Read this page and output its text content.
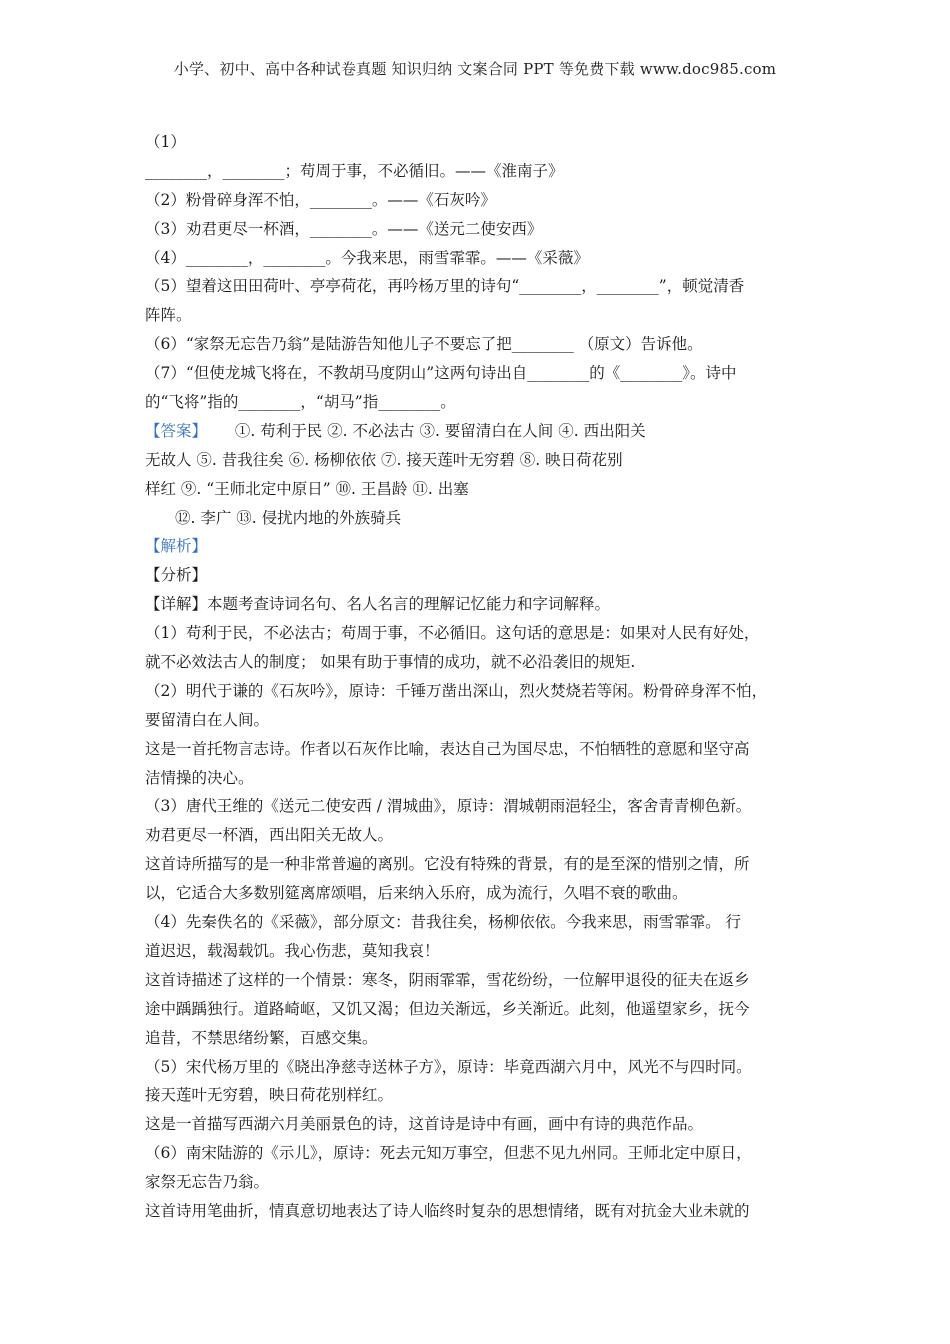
小学、初中、高中各种试卷真题 知识归纳 文案合同 PPT 等免费下载 www.doc985.com
（1）
________，________；苟周于事，不必循旧。——《淮南子》
（2）粉骨碎身浑不怕，________。——《石灰吟》
（3）劝君更尽一杯酒，________。——《送元二使安西》
（4）________，________。今我来思，雨雪霏霏。——《采薇》
（5）望着这田田荷叶、亭亭荷花，再吟杨万里的诗句“________，________”，顿觉清香
阵阵。
（6）“家祭无忘告乃翁”是陆游告知他儿子不要忘了把________ （原文）告诉他。
（7）“但使龙城飞将在，不教胡马度阴山”这两句诗出自________的《________》。诗中
的“飞将”指的________，“胡马”指________。
【答案】 ①. 苟利于民 ②. 不必法古 ③. 要留清白在人间 ④. 西出阳关
无故人 ⑤. 昔我往矣 ⑥. 杨柳依依 ⑦. 接天莲叶无穷碧 ⑧. 映日荷花别
样红 ⑨. “王师北定中原日” ⑩. 王昌龄 ⑪. 出塞
⑫. 李广 ⑬. 侵扰内地的外族骑兵
【解析】
【分析】
【详解】本题考查诗词名句、名人名言的理解记忆能力和字词解释。
（1）苟利于民，不必法古；苟周于事，不必循旧。这句话的意思是：如果对人民有好处，
就不必效法古人的制度； 如果有助于事情的成功，就不必沿袭旧的规矩.
（2）明代于谦的《石灰吟》，原诗：千锤万凿出深山，烈火焚烧若等闲。粉骨碎身浑不怕，
要留清白在人间。
这是一首托物言志诗。作者以石灰作比喻，表达自己为国尽忠，不怕牺牲的意愿和坚守高
洁情操的决心。
（3）唐代王维的《送元二使安西 / 渭城曲》，原诗：渭城朝雨浥轻尘，客舍青青柳色新。
劝君更尽一杯酒，西出阳关无故人。
这首诗所描写的是一种非常普遍的离别。它没有特殊的背景，有的是至深的惜别之情，所
以，它适合大多数别筵离席颂唱，后来纳入乐府，成为流行，久唱不衰的歌曲。
（4）先秦佚名的《采薇》，部分原文：昔我往矣，杨柳依依。今我来思，雨雪霏霏。 行
道迟迟，载渴载饥。我心伤悲，莫知我哀！
这首诗描述了这样的一个情景：寒冬，阴雨霏霏，雪花纷纷，一位解甲退役的征夫在返乡
途中踽踽独行。道路崎岖，又饥又渴；但边关渐远，乡关渐近。此刻，他遥望家乡，抚今
追昔，不禁思绪纷繁，百感交集。
（5）宋代杨万里的《晓出净慈寺送林子方》，原诗：毕竟西湖六月中，风光不与四时同。
接天莲叶无穷碧，映日荷花别样红。
这是一首描写西湖六月美丽景色的诗，这首诗是诗中有画，画中有诗的典范作品。
（6）南宋陆游的《示儿》，原诗：死去元知万事空，但悲不见九州同。王师北定中原日，
家祭无忘告乃翁。
这首诗用笔曲折，情真意切地表达了诗人临终时复杂的思想情绪，既有对抗金大业未就的
